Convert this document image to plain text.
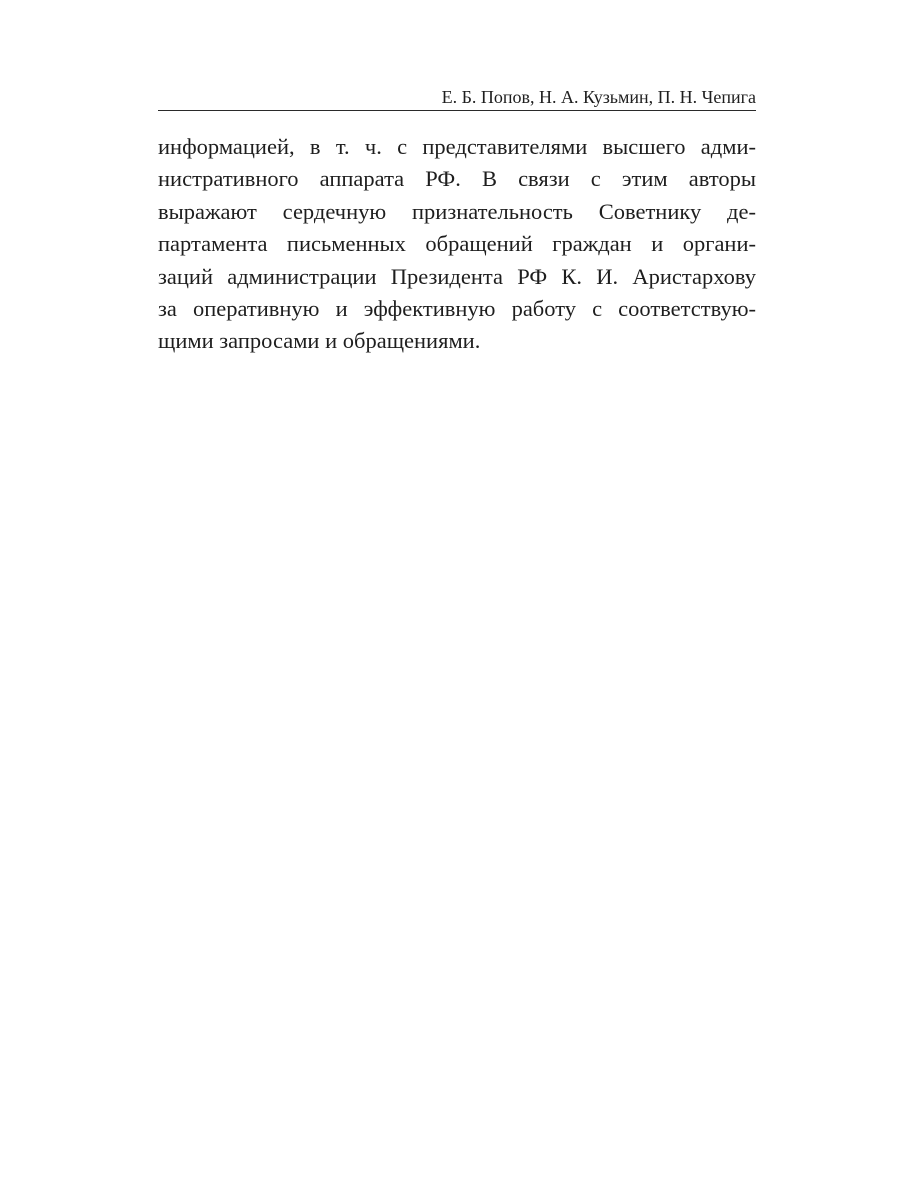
Е. Б. Попов, Н. А. Кузьмин, П. Н. Чепига
информацией, в т. ч. с представителями высшего адми-
нистративного аппарата РФ. В связи с этим авторы
выражают сердечную признательность Советнику де-
партамента письменных обращений граждан и органи-
заций администрации Президента РФ К. И. Аристархову
за оперативную и эффективную работу с соответствую-
щими запросами и обращениями.
